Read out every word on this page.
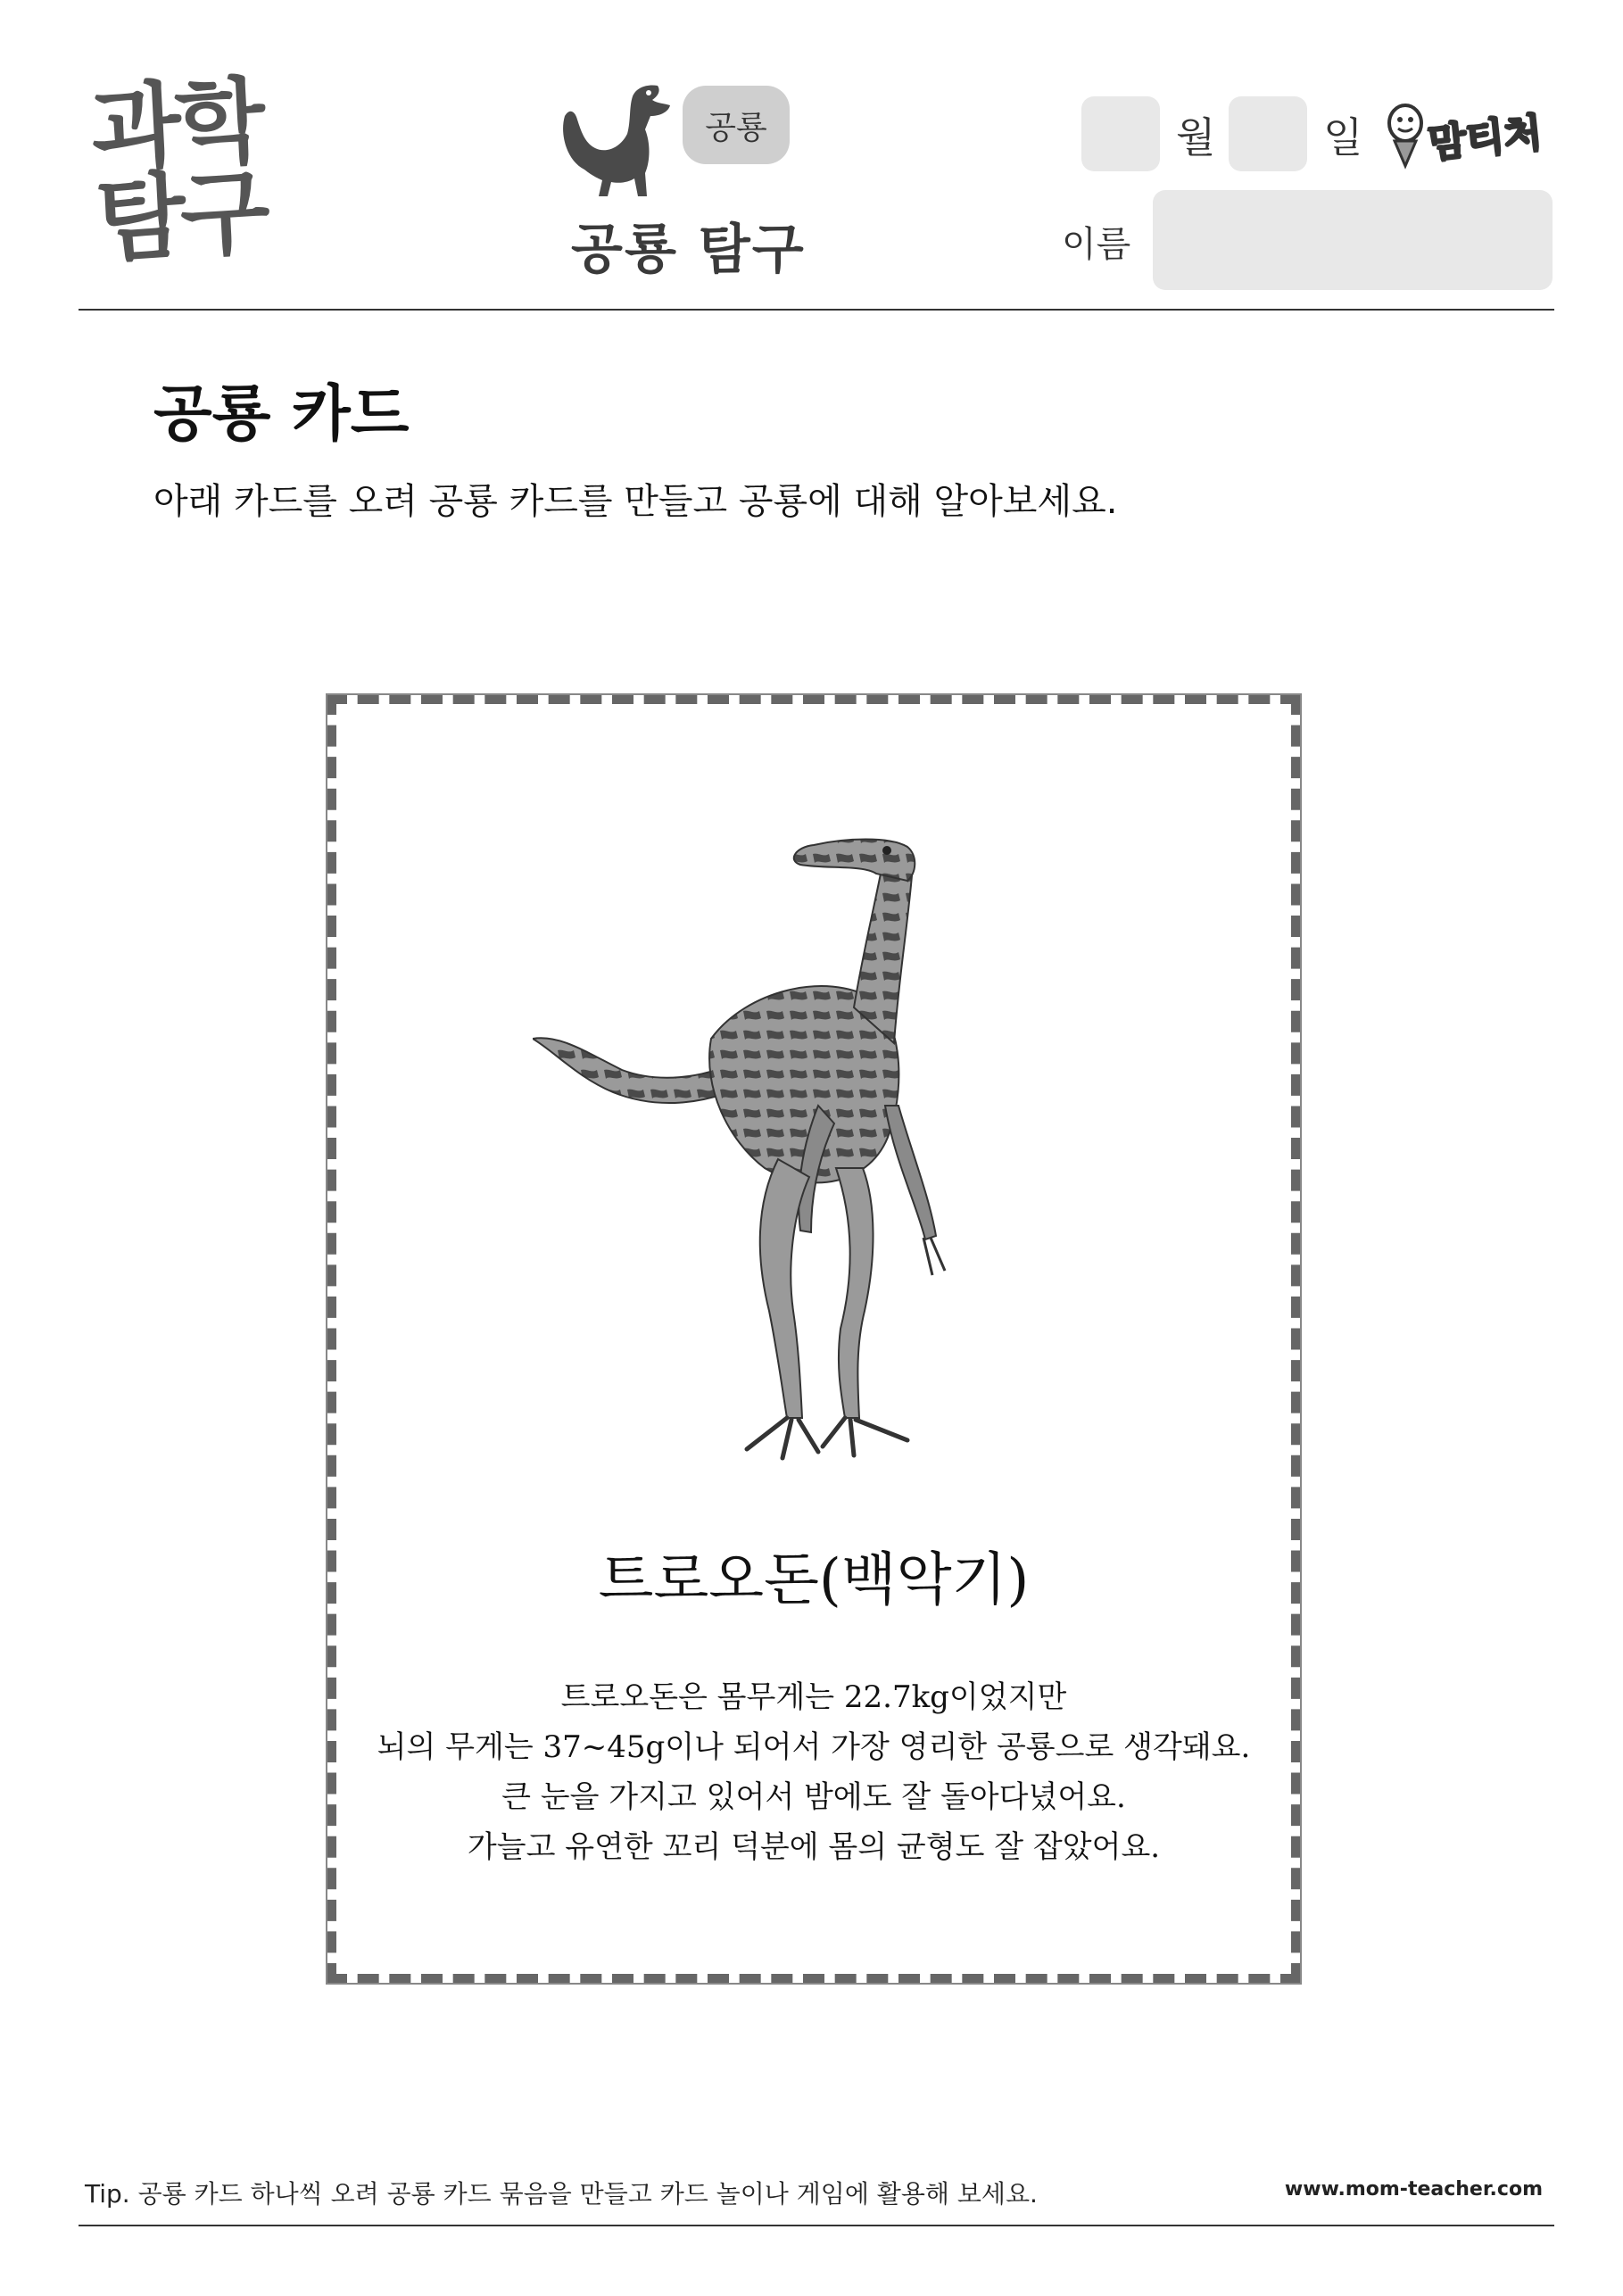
과학
탐구
공룡
공룡 탐구
월	일 맘티처
이름
공룡 카드
아래 카드를 오려 공룡 카드를 만들고 공룡에 대해 알아보세요.
트로오돈(백악기)
트로오돈은 몸무게는 22.7kg이었지만
뇌의 무게는 37~45g이나 되어서 가장 영리한 공룡으로 생각돼요.
큰 눈을 가지고 있어서 밤에도 잘 돌아다녔어요.
가늘고 유연한 꼬리 덕분에 몸의 균형도 잘 잡았어요.
Tip. 공룡 카드 하나씩 오려 공룡 카드 묶음을 만들고 카드 놀이나 게임에 활용해 보세요.	www.mom-teacher.com
